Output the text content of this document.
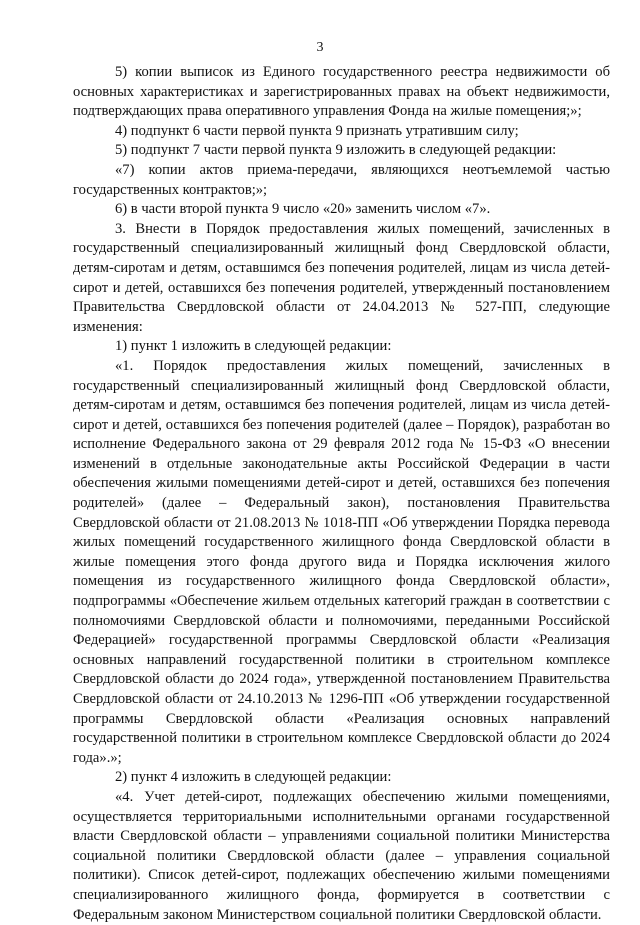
3

5) копии выписок из Единого государственного реестра недвижимости об основных характеристиках и зарегистрированных правах на объект недвижимости, подтверждающих права оперативного управления Фонда на жилые помещения;»;

4) подпункт 6 части первой пункта 9 признать утратившим силу;

5) подпункт 7 части первой пункта 9 изложить в следующей редакции:

«7) копии актов приема-передачи, являющихся неотъемлемой частью государственных контрактов;»;

6) в части второй пункта 9 число «20» заменить числом «7».

3. Внести в Порядок предоставления жилых помещений, зачисленных в государственный специализированный жилищный фонд Свердловской области, детям-сиротам и детям, оставшимся без попечения родителей, лицам из числа детей-сирот и детей, оставшихся без попечения родителей, утвержденный постановлением Правительства Свердловской области от 24.04.2013 № 527-ПП, следующие изменения:

1) пункт 1 изложить в следующей редакции:

«1. Порядок предоставления жилых помещений, зачисленных в государственный специализированный жилищный фонд Свердловской области, детям-сиротам и детям, оставшимся без попечения родителей, лицам из числа детей-сирот и детей, оставшихся без попечения родителей (далее – Порядок), разработан во исполнение Федерального закона от 29 февраля 2012 года № 15-ФЗ «О внесении изменений в отдельные законодательные акты Российской Федерации в части обеспечения жилыми помещениями детей-сирот и детей, оставшихся без попечения родителей» (далее – Федеральный закон), постановления Правительства Свердловской области от 21.08.2013 № 1018-ПП «Об утверждении Порядка перевода жилых помещений государственного жилищного фонда Свердловской области в жилые помещения этого фонда другого вида и Порядка исключения жилого помещения из государственного жилищного фонда Свердловской области», подпрограммы «Обеспечение жильем отдельных категорий граждан в соответствии с полномочиями Свердловской области и полномочиями, переданными Российской Федерацией» государственной программы Свердловской области «Реализация основных направлений государственной политики в строительном комплексе Свердловской области до 2024 года», утвержденной постановлением Правительства Свердловской области от 24.10.2013 № 1296-ПП «Об утверждении государственной программы Свердловской области «Реализация основных направлений государственной политики в строительном комплексе Свердловской области до 2024 года».»;

2) пункт 4 изложить в следующей редакции:

«4. Учет детей-сирот, подлежащих обеспечению жилыми помещениями, осуществляется территориальными исполнительными органами государственной власти Свердловской области – управлениями социальной политики Министерства социальной политики Свердловской области (далее – управления социальной политики). Список детей-сирот, подлежащих обеспечению жилыми помещениями специализированного жилищного фонда, формируется в соответствии с Федеральным законом Министерством социальной политики Свердловской области.
